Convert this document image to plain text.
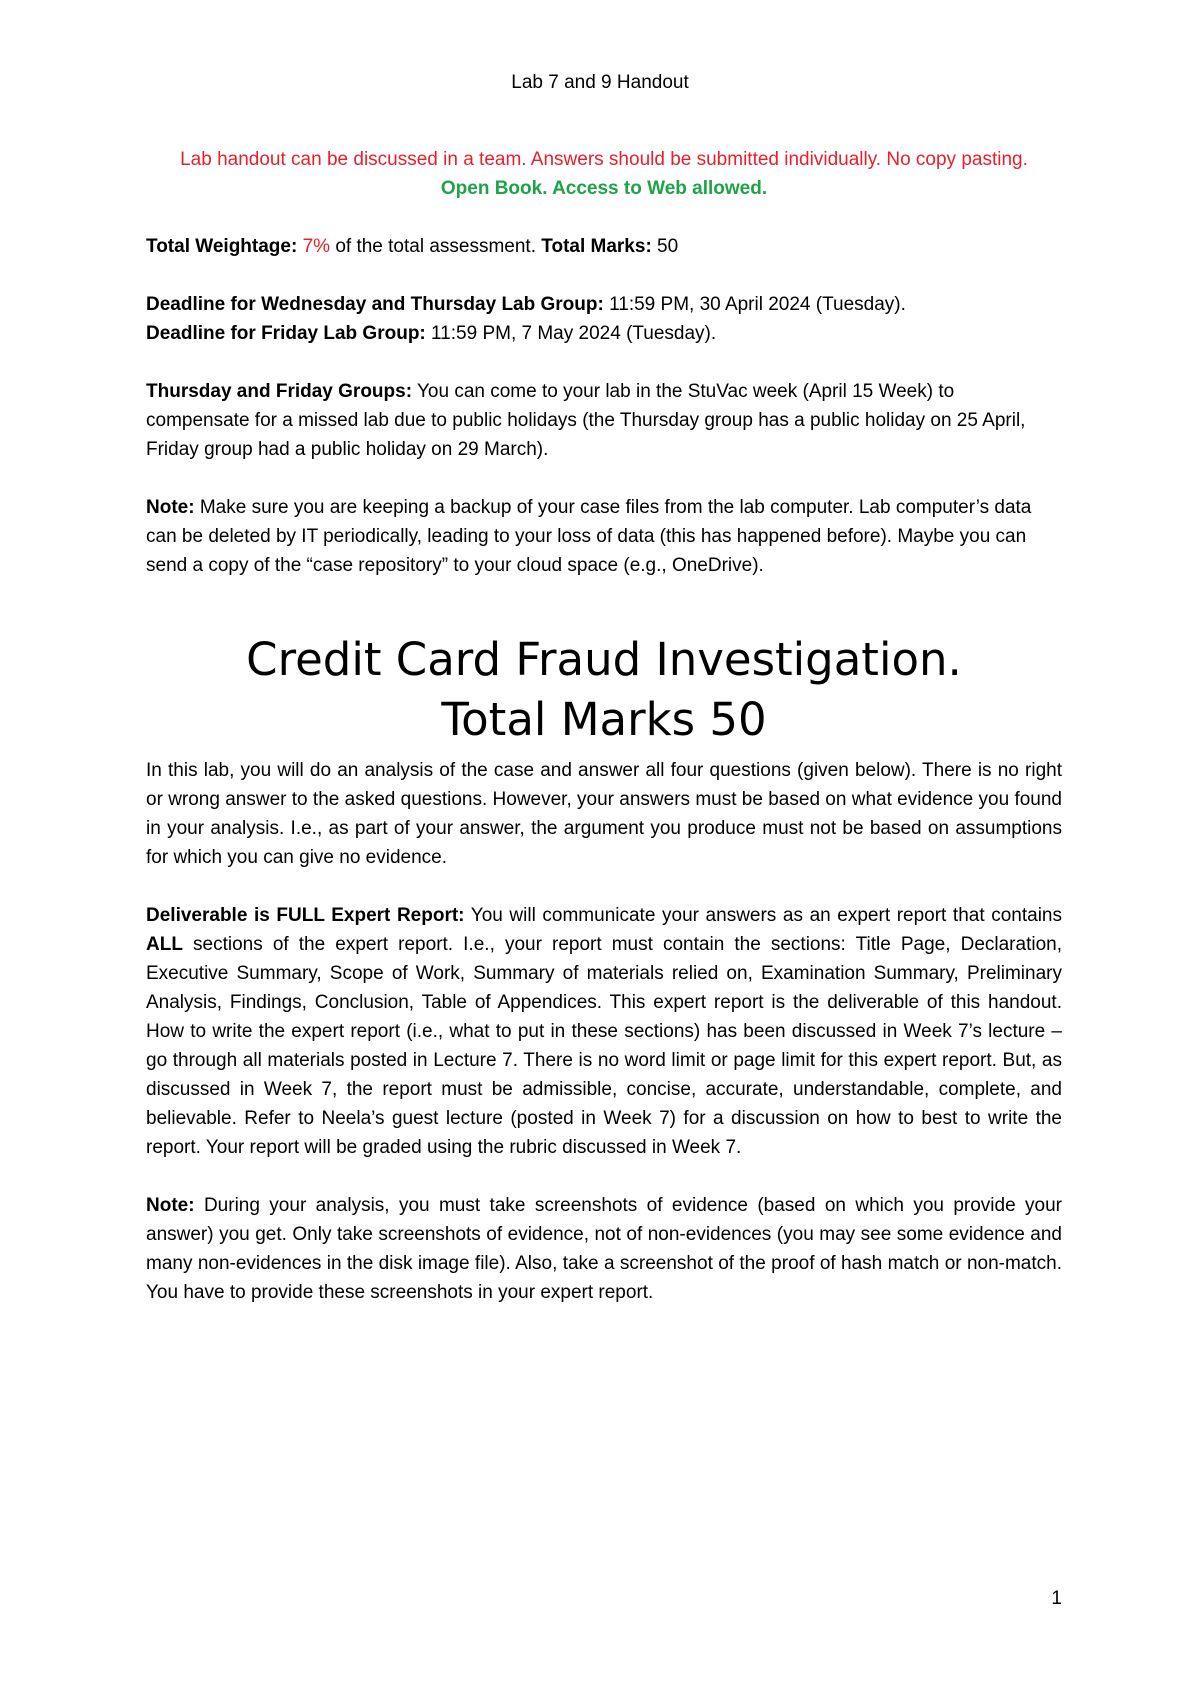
Lab 7 and 9 Handout

Lab handout can be discussed in a team. Answers should be submitted individually. No copy pasting.

Open Book. Access to Web allowed.

Total Weightage: 7% of the total assessment. Total Marks: 50

Deadline for Wednesday and Thursday Lab Group: 11:59 PM, 30 April 2024 (Tuesday).

Deadline for Friday Lab Group: 11:59 PM, 7 May 2024 (Tuesday).

Thursday and Friday Groups: You can come to your lab in the StuVac week (April 15 Week) to compensate for a missed lab due to public holidays (the Thursday group has a public holiday on 25 April, Friday group had a public holiday on 29 March).

Note: Make sure you are keeping a backup of your case files from the lab computer. Lab computer’s data can be deleted by IT periodically, leading to your loss of data (this has happened before). Maybe you can send a copy of the “case repository” to your cloud space (e.g., OneDrive).

Credit Card Fraud Investigation.
Total Marks 50

In this lab, you will do an analysis of the case and answer all four questions (given below). There is no right or wrong answer to the asked questions. However, your answers must be based on what evidence you found in your analysis. I.e., as part of your answer, the argument you produce must not be based on assumptions for which you can give no evidence.

Deliverable is FULL Expert Report: You will communicate your answers as an expert report that contains ALL sections of the expert report. I.e., your report must contain the sections: Title Page, Declaration, Executive Summary, Scope of Work, Summary of materials relied on, Examination Summary, Preliminary Analysis, Findings, Conclusion, Table of Appendices. This expert report is the deliverable of this handout. How to write the expert report (i.e., what to put in these sections) has been discussed in Week 7’s lecture – go through all materials posted in Lecture 7. There is no word limit or page limit for this expert report. But, as discussed in Week 7, the report must be admissible, concise, accurate, understandable, complete, and believable. Refer to Neela’s guest lecture (posted in Week 7) for a discussion on how to best to write the report. Your report will be graded using the rubric discussed in Week 7.

Note: During your analysis, you must take screenshots of evidence (based on which you provide your answer) you get. Only take screenshots of evidence, not of non-evidences (you may see some evidence and many non-evidences in the disk image file). Also, take a screenshot of the proof of hash match or non-match. You have to provide these screenshots in your expert report.

1
